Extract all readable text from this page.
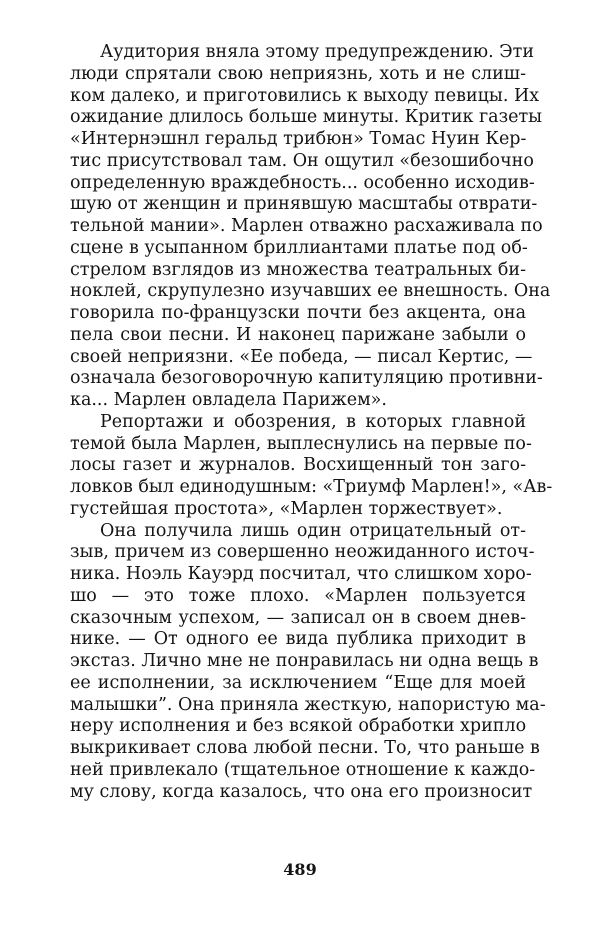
Аудитория вняла этому предупреждению. Эти
люди спрятали свою неприязнь, хоть и не слиш-
ком далеко, и приготовились к выходу певицы. Их
ожидание длилось больше минуты. Критик газеты
«Интернэшнл геральд трибюн» Томас Нуин Кер-
тис присутствовал там. Он ощутил «безошибочно
определенную враждебность... особенно исходив-
шую от женщин и принявшую масштабы отврати-
тельной мании». Марлен отважно расхаживала по
сцене в усыпанном бриллиантами платье под об-
стрелом взглядов из множества театральных би-
ноклей, скрупулезно изучавших ее внешность. Она
говорила по-французски почти без акцента, она
пела свои песни. И наконец парижане забыли о
своей неприязни. «Ее победа, — писал Кертис, —
означала безоговорочную капитуляцию противни-
ка... Марлен овладела Парижем».
Репортажи и обозрения, в которых главной
темой была Марлен, выплеснулись на первые по-
лосы газет и журналов. Восхищенный тон заго-
ловков был единодушным: «Триумф Марлен!», «Ав-
густейшая простота», «Марлен торжествует».
Она получила лишь один отрицательный от-
зыв, причем из совершенно неожиданного источ-
ника. Ноэль Кауэрд посчитал, что слишком хоро-
шо — это тоже плохо. «Марлен пользуется
сказочным успехом, — записал он в своем днев-
нике. — От одного ее вида публика приходит в
экстаз. Лично мне не понравилась ни одна вещь в
ее исполнении, за исключением “Еще для моей
малышки”. Она приняла жесткую, напористую ма-
неру исполнения и без всякой обработки хрипло
выкрикивает слова любой песни. То, что раньше в
ней привлекало (тщательное отношение к каждо-
му слову, когда казалось, что она его произносит
489
